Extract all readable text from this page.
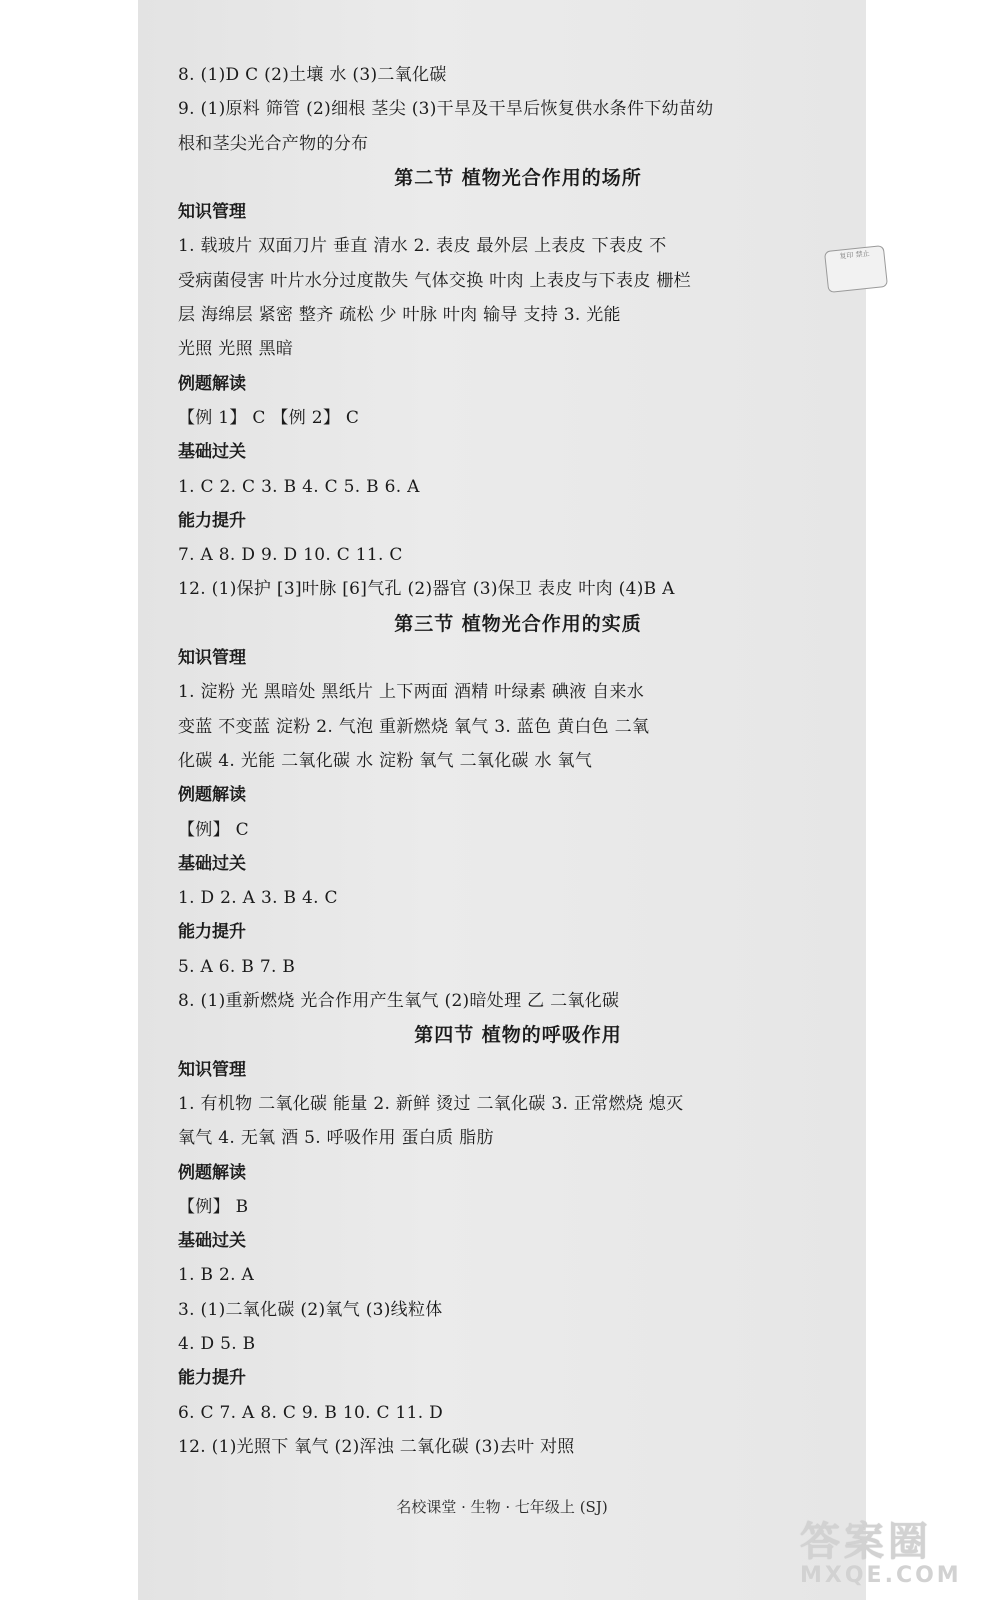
8. (1)D C (2)土壤 水 (3)二氧化碳
9. (1)原料 筛管 (2)细根 茎尖 (3)干旱及干旱后恢复供水条件下幼苗幼
根和茎尖光合产物的分布
第二节 植物光合作用的场所
知识管理
1. 载玻片 双面刀片 垂直 清水 2. 表皮 最外层 上表皮 下表皮 不
受病菌侵害 叶片水分过度散失 气体交换 叶肉 上表皮与下表皮 栅栏
层 海绵层 紧密 整齐 疏松 少 叶脉 叶肉 输导 支持 3. 光能
光照 光照 黑暗
例题解读
【例 1】 C 【例 2】 C
基础过关
1. C 2. C 3. B 4. C 5. B 6. A
能力提升
7. A 8. D 9. D 10. C 11. C
12. (1)保护 [3]叶脉 [6]气孔 (2)器官 (3)保卫 表皮 叶肉 (4)B A
第三节 植物光合作用的实质
知识管理
1. 淀粉 光 黑暗处 黑纸片 上下两面 酒精 叶绿素 碘液 自来水
变蓝 不变蓝 淀粉 2. 气泡 重新燃烧 氧气 3. 蓝色 黄白色 二氧
化碳 4. 光能 二氧化碳 水 淀粉 氧气 二氧化碳 水 氧气
例题解读
【例】 C
基础过关
1. D 2. A 3. B 4. C
能力提升
5. A 6. B 7. B
8. (1)重新燃烧 光合作用产生氧气 (2)暗处理 乙 二氧化碳
第四节 植物的呼吸作用
知识管理
1. 有机物 二氧化碳 能量 2. 新鲜 烫过 二氧化碳 3. 正常燃烧 熄灭
氧气 4. 无氧 酒 5. 呼吸作用 蛋白质 脂肪
例题解读
【例】 B
基础过关
1. B 2. A
3. (1)二氧化碳 (2)氧气 (3)线粒体
4. D 5. B
能力提升
6. C 7. A 8. C 9. B 10. C 11. D
12. (1)光照下 氧气 (2)浑浊 二氧化碳 (3)去叶 对照
复印 禁止
名校课堂 · 生物 · 七年级上 (SJ)
答案圈
MXQE.COM
